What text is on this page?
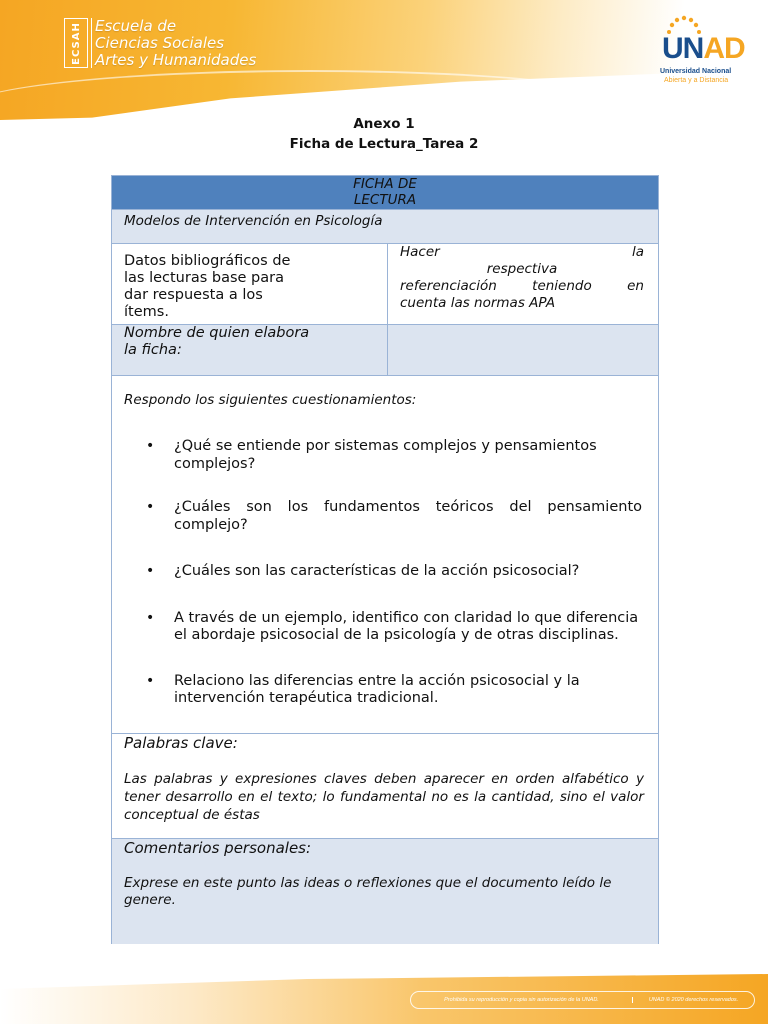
ECSAH Escuela de
Ciencias Sociales
Artes y Humanidades	UNAD
Universidad Nacional
Abierta y a Distancia
Anexo 1
Ficha de Lectura_Tarea 2
FICHA DE
LECTURA
Modelos de Intervención en Psicología
Datos bibliográficos de
las lecturas base para
dar respuesta a los
ítems.
Hacer la
respectiva
referenciación teniendo en
cuenta las normas APA
Nombre de quien elabora
la ficha:
Respondo los siguientes cuestionamientos:
• ¿Qué se entiende por sistemas complejos y pensamientos complejos?
• ¿Cuáles son los fundamentos teóricos del pensamiento complejo?
• ¿Cuáles son las características de la acción psicosocial?
• A través de un ejemplo, identifico con claridad lo que diferencia el abordaje psicosocial de la psicología y de otras disciplinas.
• Relaciono las diferencias entre la acción psicosocial y la intervención terapéutica tradicional.
Palabras clave:
Las palabras y expresiones claves deben aparecer en orden alfabético y tener desarrollo en el texto; lo fundamental no es la cantidad, sino el valor conceptual de éstas
Comentarios personales:
Exprese en este punto las ideas o reflexiones que el documento leído le genere.
Prohibida su reproducción y copia sin autorización de la UNAD.	UNAD © 2020 derechos reservados.
